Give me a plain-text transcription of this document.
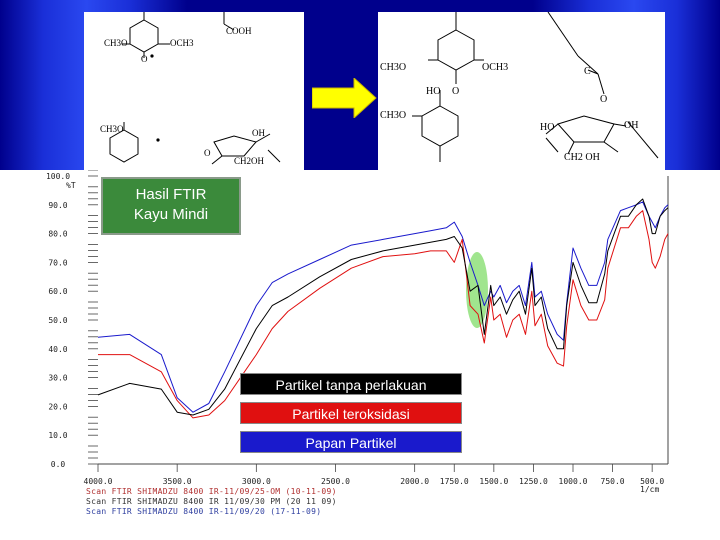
CH3O	OCH3
COOH
CH3O
O
OH
CH2OH
O
CH3O	OCH3
HO
CH3O
O
C
HO	OH
CH2 OH
O
0.0
10.0
20.0
30.0
40.0
50.0
60.0
70.0
80.0
90.0
100.0
4000.0	3500.0	3000.0	2500.0	2000.0 1750.0 1500.0 1250.0 1000.0 750.0 500.0
%T
1/cm
Hasil FTIR
Kayu Mindi
Partikel tanpa perlakuan
Partikel teroksidasi
Papan Partikel
Scan FTIR SHIMADZU 8400 IR-11/09/25-OM (10-11-09)
Scan FTIR SHIMADZU 8400 IR 11/09/30 PM (20 11 09)
Scan FTIR SHIMADZU 8400 IR-11/09/20 (17-11-09)
